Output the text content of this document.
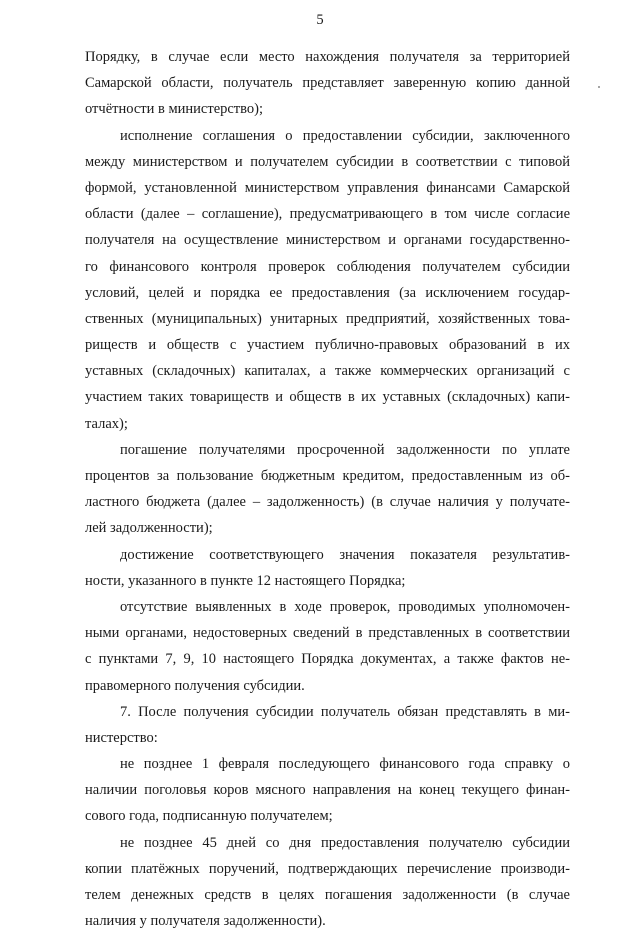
5
Порядку, в случае если место нахождения получателя за территорией
Самарской области, получатель представляет заверенную копию данной
отчётности в министерство);
исполнение соглашения о предоставлении субсидии, заключенного
между министерством и получателем субсидии в соответствии с типовой
формой, установленной министерством управления финансами Самарской
области (далее – соглашение), предусматривающего в том числе согласие
получателя на осуществление министерством и органами государственно-
го финансового контроля проверок соблюдения получателем субсидии
условий, целей и порядка ее предоставления (за исключением государ-
ственных (муниципальных) унитарных предприятий, хозяйственных това-
риществ и обществ с участием публично-правовых образований в их
уставных (складочных) капиталах, а также коммерческих организаций с
участием таких товариществ и обществ в их уставных (складочных) капи-
талах);
погашение получателями просроченной задолженности по уплате
процентов за пользование бюджетным кредитом, предоставленным из об-
ластного бюджета (далее – задолженность) (в случае наличия у получате-
лей задолженности);
достижение соответствующего значения показателя результатив-
ности, указанного в пункте 12 настоящего Порядка;
отсутствие выявленных в ходе проверок, проводимых уполномочен-
ными органами, недостоверных сведений в представленных в соответствии
с пунктами 7, 9, 10 настоящего Порядка документах, а также фактов не-
правомерного получения субсидии.
7. После получения субсидии получатель обязан представлять в ми-
нистерство:
не позднее 1 февраля последующего финансового года справку о
наличии поголовья коров мясного направления на конец текущего финан-
сового года, подписанную получателем;
не позднее 45 дней со дня предоставления получателю субсидии
копии платёжных поручений, подтверждающих перечисление производи-
телем денежных средств в целях погашения задолженности (в случае
наличия у получателя задолженности).
